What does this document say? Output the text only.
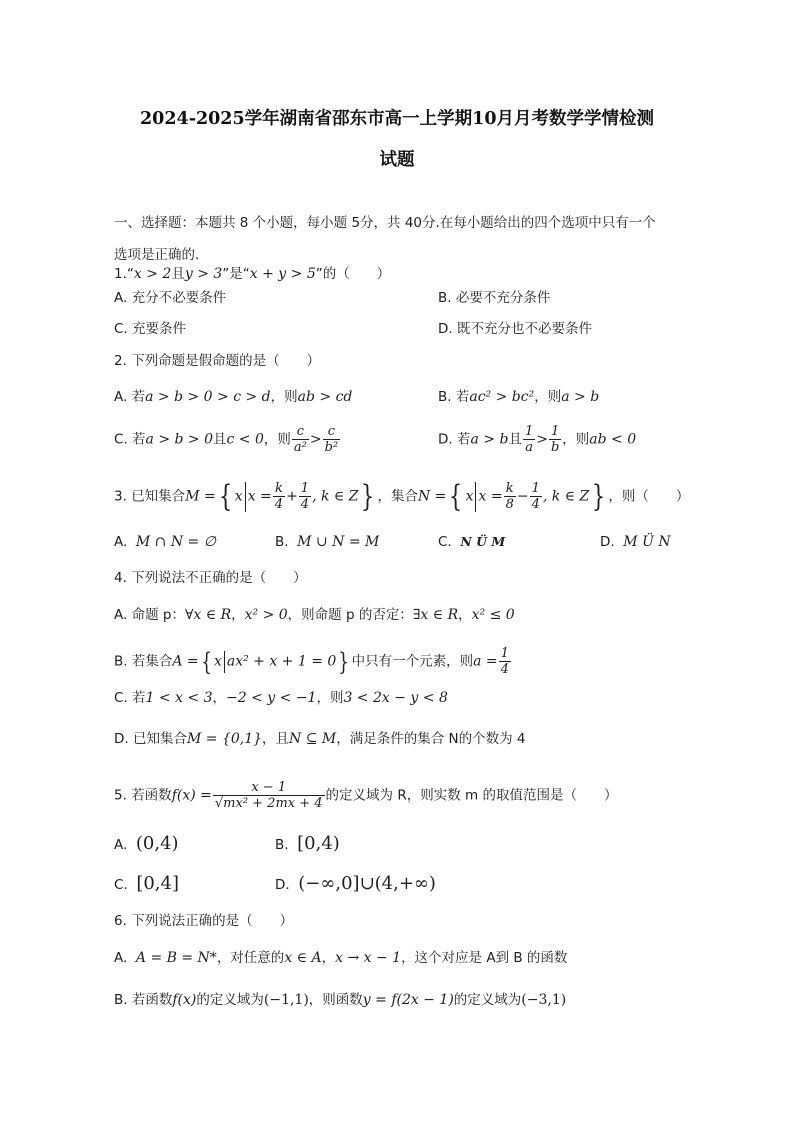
2024-2025学年湖南省邵东市高一上学期10月月考数学学情检测
试题
一、选择题：本题共 8 个小题，每小题 5分，共 40分.在每小题给出的四个选项中只有一个
选项是正确的.
1.“x > 2且y > 3”是“x + y > 5”的（　　）
A. 充分不必要条件	B. 必要不充分条件
C. 充要条件	D. 既不充分也不必要条件
2. 下列命题是假命题的是（　　）
A. 若a > b > 0 > c > d，则ab > cd	B. 若ac² > bc²，则a > b
C. 若a > b > 0且c < 0，则 $\frac{c}{\text{a²}} > \frac{c}{\text{b²}}$	D. 若a > b且 $\frac{1}{a} > \frac{1}{b}$ ，则ab < 0
3. 已知集合M ={ x $x = \frac{k}{4} + \frac{1}{4}$ , k ∈ Z} ，集合N ={ x $x = \frac{k}{8} - \frac{1}{4}$ , k ∈ Z} ，则（　　）
A. M ∩ N = ∅	B. M ∪ N = M	C. N Ü M	D. M Ü N
4. 下列说法不正确的是（　　）
A. 命题 p：∀x ∈ R，x² > 0，则命题 p 的否定：∃x ∈ R，x² ≤ 0
B. 若集合A ={ x ax² + x + 1 = 0} 中只有一个元素，则$a = \frac{1}{4}$
C. 若1 < x < 3，−2 < y < −1，则3 < 2x − y < 8
D. 已知集合M = {0,1}，且N ⊆ M，满足条件的集合 N的个数为 4
5. 若函数$f(x) = \frac{x - 1}{\text{√mx² + 2mx + 4}}$ 的定义域为 R，则实数 m 的取值范围是（　　）
A. (0,4)	B. [0,4)
C. [0,4]	D. (−∞,0]∪(4,+∞)
6. 下列说法正确的是（　　）
A. A = B = N*，对任意的x ∈ A，x → x − 1，这个对应是 A到 B 的函数
B. 若函数f(x)的定义域为(−1,1)，则函数y = f(2x − 1)的定义域为(−3,1)
